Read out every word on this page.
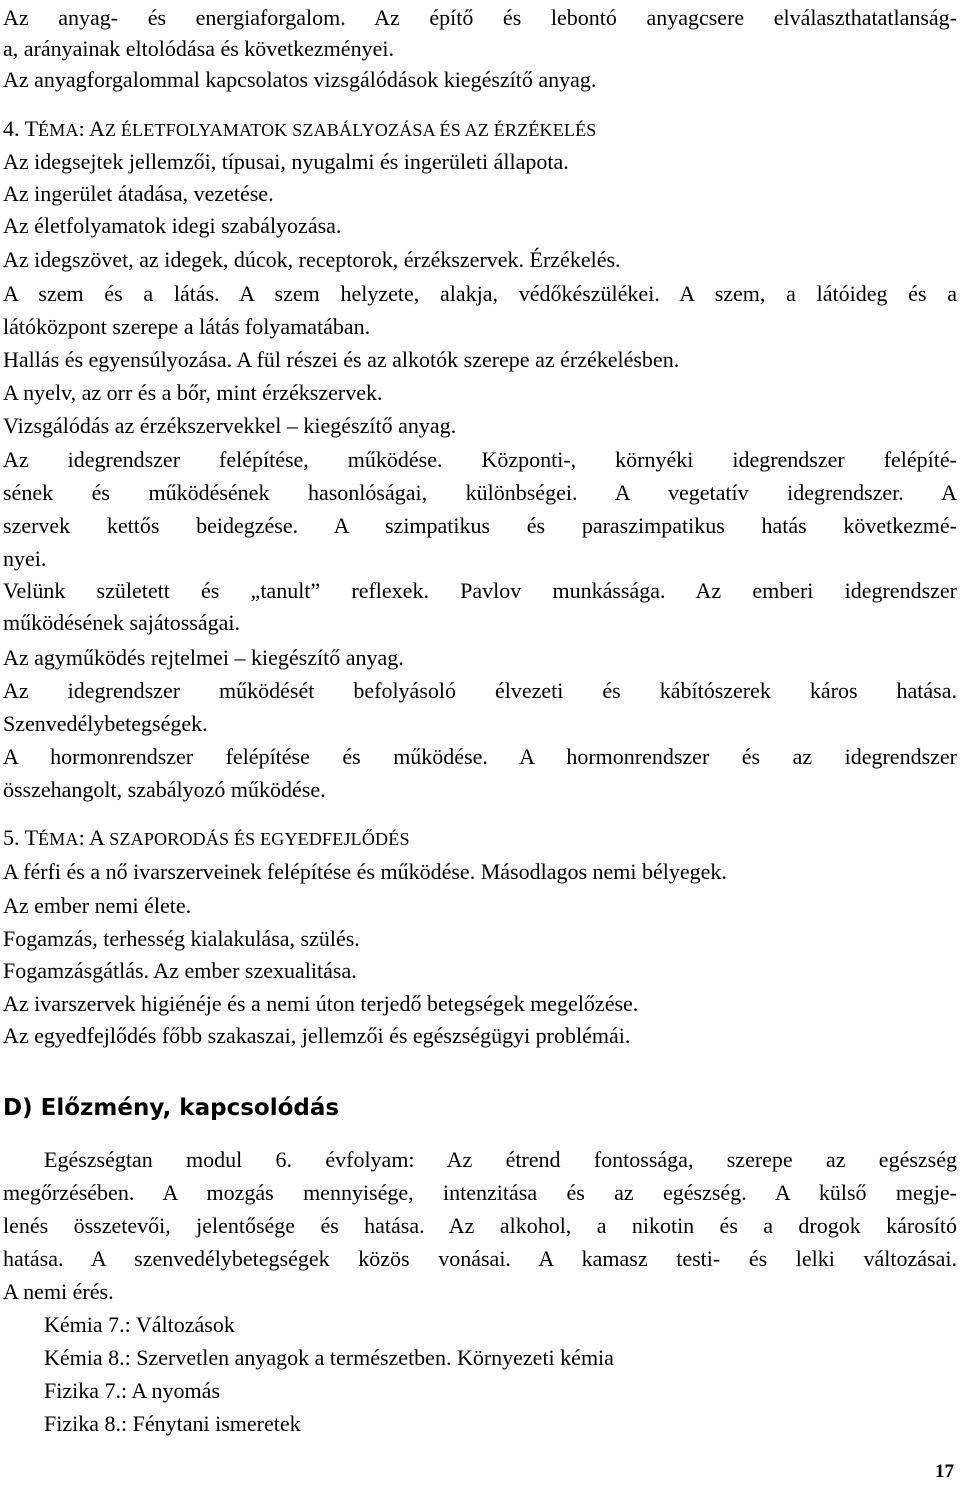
Az anyag- és energiaforgalom. Az építő és lebontó anyagcsere elválaszthatatlanság-
a, arányainak eltolódása és következményei.
Az anyagforgalommal kapcsolatos vizsgálódások kiegészítő anyag.
4. TÉMA: AZ ÉLETFOLYAMATOK SZABÁLYOZÁSA ÉS AZ ÉRZÉKELÉS
Az idegsejtek jellemzői, típusai, nyugalmi és ingerületi állapota.
Az ingerület átadása, vezetése.
Az életfolyamatok idegi szabályozása.
Az idegszövet, az idegek, dúcok, receptorok, érzékszervek. Érzékelés.
A szem és a látás. A szem helyzete, alakja, védőkészülékei. A szem, a látóideg és a
látóközpont szerepe a látás folyamatában.
Hallás és egyensúlyozása. A fül részei és az alkotók szerepe az érzékelésben.
A nyelv, az orr és a bőr, mint érzékszervek.
Vizsgálódás az érzékszervekkel – kiegészítő anyag.
Az idegrendszer felépítése, működése. Központi-, környéki idegrendszer felépíté-
sének és működésének hasonlóságai, különbségei. A vegetatív idegrendszer. A
szervek kettős beidegzése. A szimpatikus és paraszimpatikus hatás következmé-
nyei.
Velünk született és „tanult” reflexek. Pavlov munkássága. Az emberi idegrendszer
működésének sajátosságai.
Az agyműködés rejtelmei – kiegészítő anyag.
Az idegrendszer működését befolyásoló élvezeti és kábítószerek káros hatása.
Szenvedélybetegségek.
A hormonrendszer felépítése és működése. A hormonrendszer és az idegrendszer
összehangolt, szabályozó működése.
5. TÉMA: A SZAPORODÁS ÉS EGYEDFEJLŐDÉS
A férfi és a nő ivarszerveinek felépítése és működése. Másodlagos nemi bélyegek.
Az ember nemi élete.
Fogamzás, terhesség kialakulása, szülés.
Fogamzásgátlás. Az ember szexualitása.
Az ivarszervek higiénéje és a nemi úton terjedő betegségek megelőzése.
Az egyedfejlődés főbb szakaszai, jellemzői és egészségügyi problémái.
D) Előzmény, kapcsolódás
Egészségtan modul 6. évfolyam: Az étrend fontossága, szerepe az egészség
megőrzésében. A mozgás mennyisége, intenzitása és az egészség. A külső megje-
lenés összetevői, jelentősége és hatása. Az alkohol, a nikotin és a drogok károsító
hatása. A szenvedélybetegségek közös vonásai. A kamasz testi- és lelki változásai.
A nemi érés.
Kémia 7.: Változások
Kémia 8.: Szervetlen anyagok a természetben. Környezeti kémia
Fizika 7.: A nyomás
Fizika 8.: Fénytani ismeretek
17
